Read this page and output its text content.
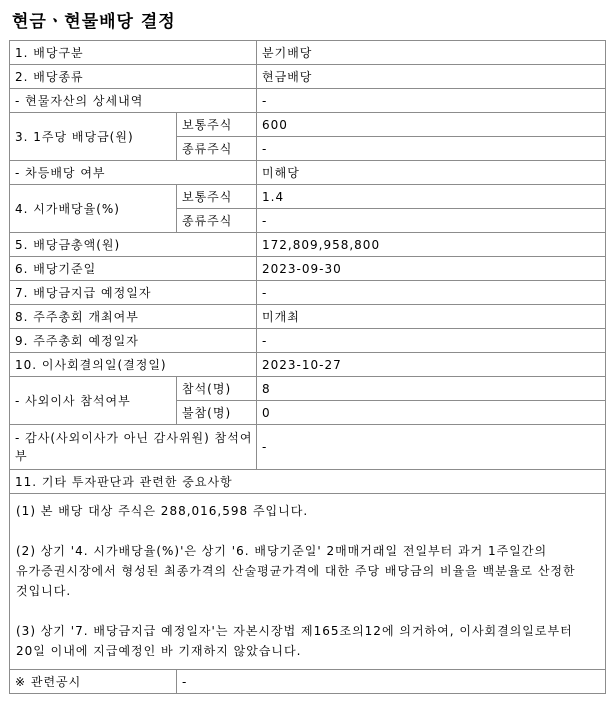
현금ㆍ현물배당 결정
1. 배당구분		분기배당
2. 배당종류		현금배당
- 현물자산의 상세내역		-
3. 1주당 배당금(원)	보통주식	600
	종류주식	-
- 차등배당 여부		미해당
4. 시가배당율(%)	보통주식	1.4
	종류주식	-
5. 배당금총액(원)		172,809,958,800
6. 배당기준일		2023-09-30
7. 배당금지급 예정일자		-
8. 주주총회 개최여부		미개최
9. 주주총회 예정일자		-
10. 이사회결의일(결정일)		2023-10-27
- 사외이사 참석여부	참석(명)	8
	불참(명)	0
- 감사(사외이사가 아닌 감사위원) 참석여부		-
11. 기타 투자판단과 관련한 중요사항		

(1) 본 배당 대상 주식은 288,016,598 주입니다.

(2) 상기 '4. 시가배당율(%)'은 상기 '6. 배당기준일' 2매매거래일 전일부터 과거 1주일간의 유가증권시장에서 형성된 최종가격의 산술평균가격에 대한 주당 배당금의 비율을 백분율로 산정한 것입니다.

(3) 상기 '7. 배당금지급 예정일자'는 자본시장법 제165조의12에 의거하여, 이사회결의일로부터 20일 이내에 지급예정인 바 기재하지 않았습니다.		

※ 관련공시	-	
